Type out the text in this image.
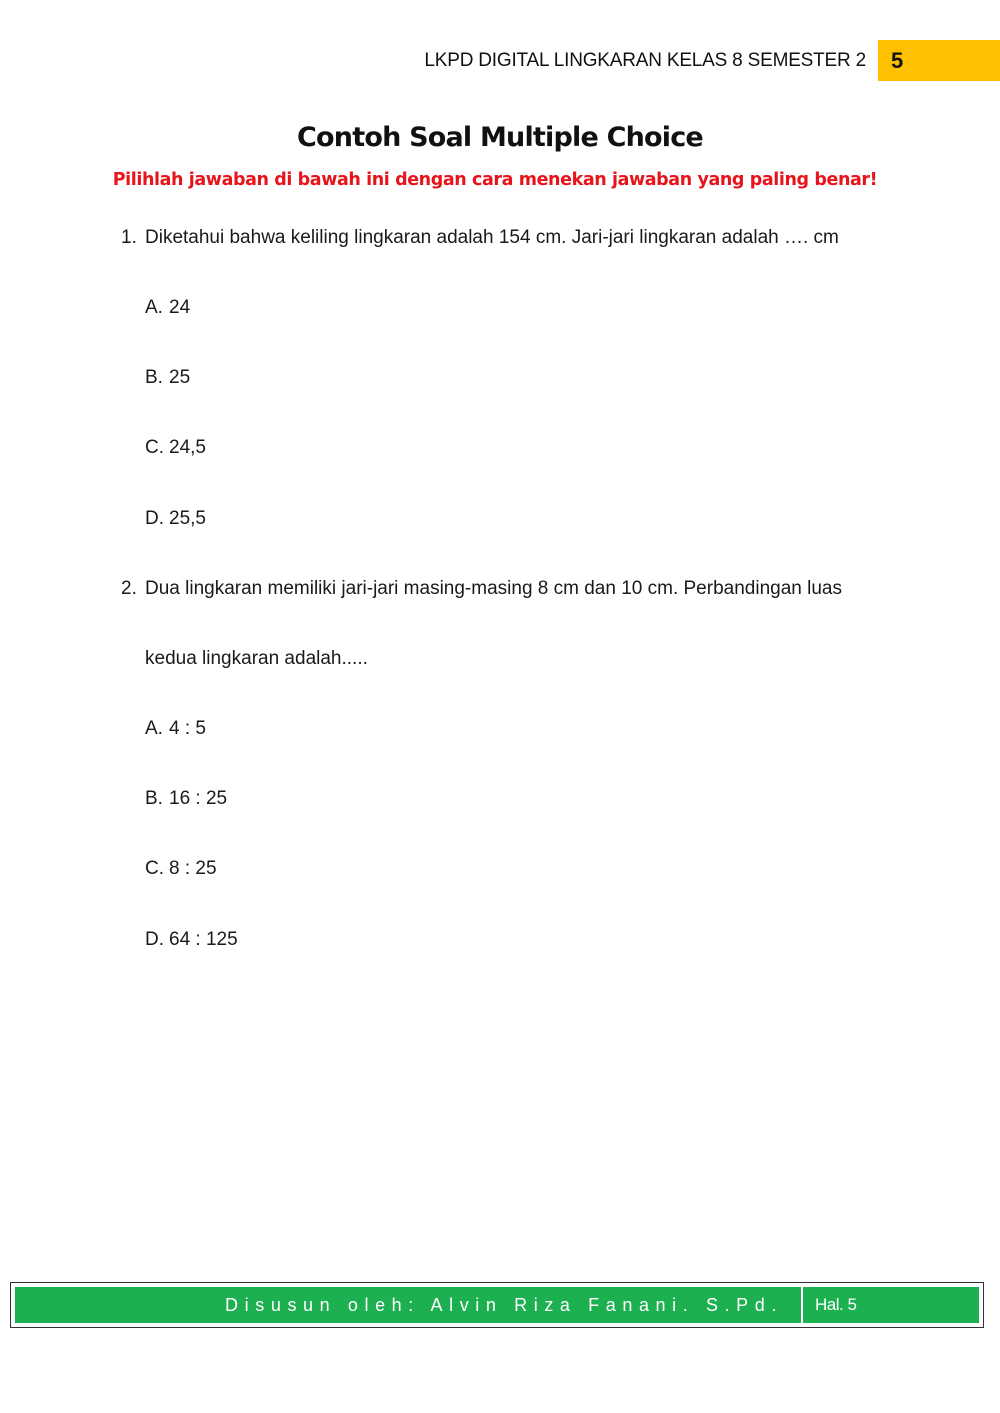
LKPD DIGITAL LINGKARAN KELAS 8 SEMESTER 2 5
Contoh Soal Multiple Choice
Pilihlah jawaban di bawah ini dengan cara menekan jawaban yang paling benar!
1. Diketahui bahwa keliling lingkaran adalah 154 cm. Jari-jari lingkaran adalah …. cm
A. 24
B. 25
C. 24,5
D. 25,5
2. Dua lingkaran memiliki jari-jari masing-masing 8 cm dan 10 cm. Perbandingan luas
kedua lingkaran adalah.....
A. 4 : 5
B. 16 : 25
C. 8 : 25
D. 64 : 125
Disusun oleh: Alvin Riza Fanani. S.Pd.	Hal. 5
